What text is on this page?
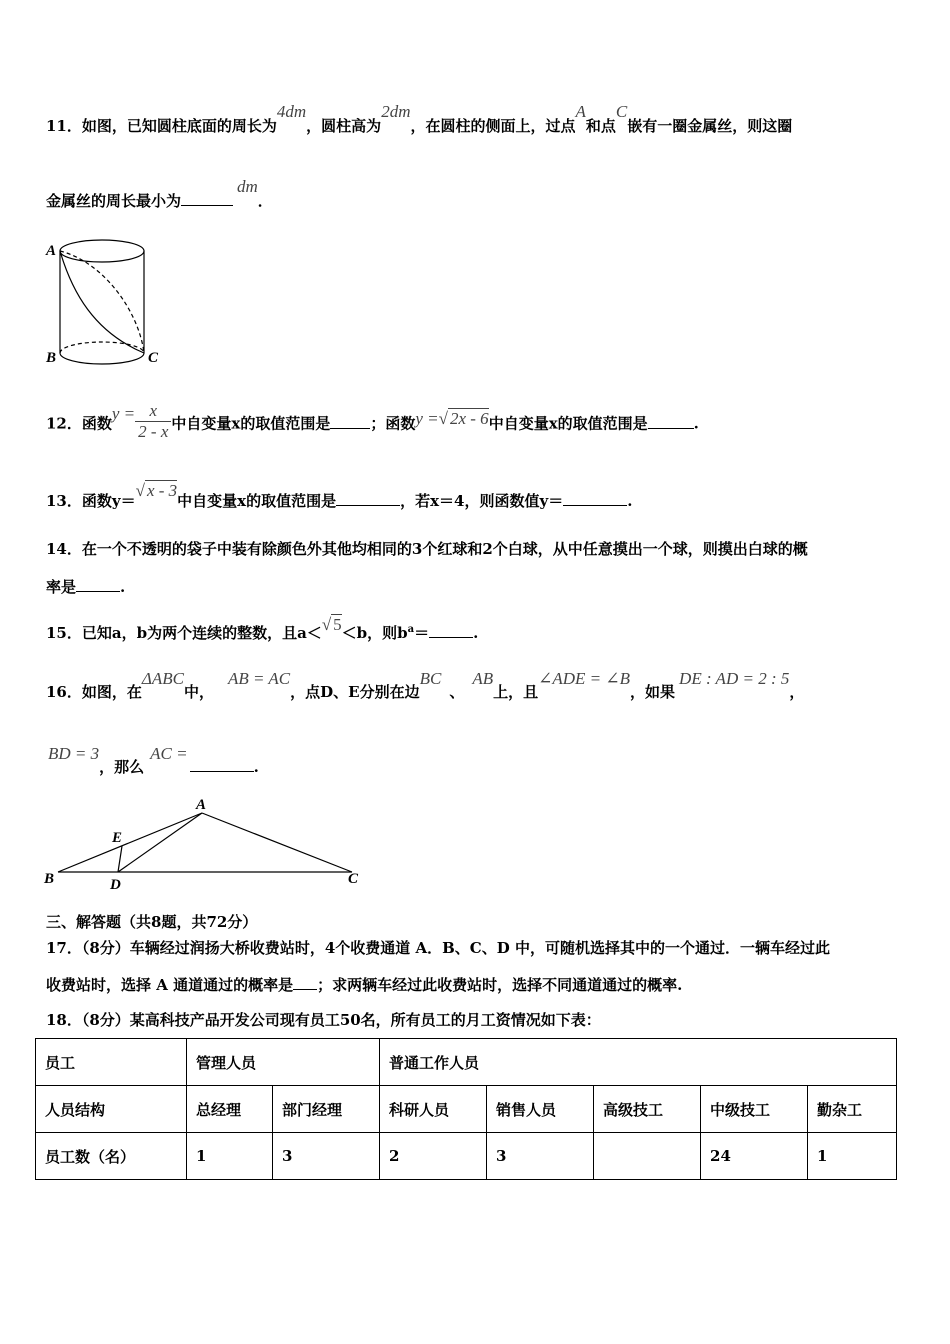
11．如图，已知圆柱底面的周长为4dm，圆柱高为2dm，在圆柱的侧面上，过点A和点C嵌有一圈金属丝，则这圈
金属丝的周长最小为dm．
A
B	C
12．函数$y = \frac{x}{2 - x}$ 中自变量x的取值范围是	；函数y =√ 2x - 6中自变量x的取值范围是	.
13．函数y＝√ x - 3中自变量x的取值范围是	，若x＝4，则函数值y＝	.
14．在一个不透明的袋子中装有除颜色外其他均相同的3个红球和2个白球，从中任意摸出一个球，则摸出白球的概
率是	.
15．已知a，b为两个连续的整数，且a＜√ 5＜b，则$b^a=$	.
16．如图，在ΔABC中，AB = AC，点D、E分别在边BC、AB上，且∠ADE = ∠B，如果DE : AD = 2 : 5，
BD = 3，那么AC =.
A
E
B	D	C
三、解答题（共8题，共72分）
17．（8分）车辆经过润扬大桥收费站时，4个收费通道 A．B、C、D 中，可随机选择其中的一个通过．一辆车经过此
收费站时，选择 A 通道通过的概率是 ；求两辆车经过此收费站时，选择不同通道通过的概率.
18．（8分）某高科技产品开发公司现有员工50名，所有员工的月工资情况如下表：
员工	管理人员		普通工作人员				
人员结构	总经理	部门经理	科研人员	销售人员	高级技工	中级技工	勤杂工
员工数（名）	1	3	2	3		24	1
